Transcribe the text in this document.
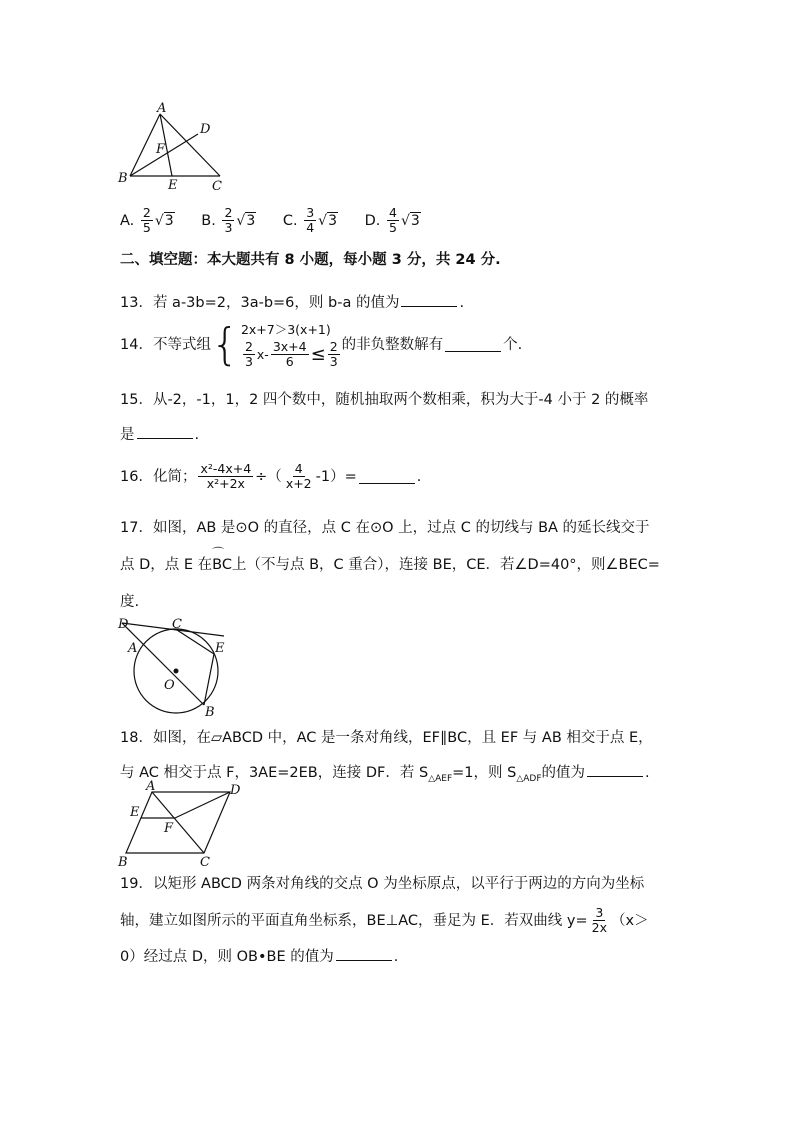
A
B
C
D
E
F
A.
$\frac{2}{5} √3$
B.
$\frac{2}{3} √3$
C.
$\frac{3}{4} √3$
D.
$\frac{4}{5} √3$
二、填空题：本大题共有 8 小题，每小题 3 分，共 24 分.
13．若 a-3b=2，3a-b=6，则 b-a 的值为	.
14．不等式组 { 2x+7＞3(x+1)
$\frac{2}{3} x- \frac{3x+4}{6} \le \frac{2}{3}$ 的非负整数解有	个.
15．从-2，-1，1，2 四个数中，随机抽取两个数相乘，积为大于-4 小于 2 的概率
是	.
16．化简； $\frac{\text{x²-4x+4}}{\text{x²+2x}}$ ÷（ $\frac{4}{x+2} -1)=$	.
17．如图，AB 是⊙O 的直径，点 C 在⊙O 上，过点 C 的切线与 BA 的延长线交于
点 D，点 E 在⌒ BC上（不与点 B，C 重合），连接 BE，CE．若∠D=40°，则∠BEC=
度.
D	C
A	E
O
B
18．如图，在▱ABCD 中，AC 是一条对角线，EF∥BC，且 EF 与 AB 相交于点 E，
与 AC 相交于点 F，3AE=2EB，连接 DF．若 $S_{\triangle AEF}=1$，则 $S_{\triangle ADF}$的值为	.
A	D
E
F
B	C
19．以矩形 ABCD 两条对角线的交点 O 为坐标原点，以平行于两边的方向为坐标
轴，建立如图所示的平面直角坐标系，BE⊥AC，垂足为 E．若双曲线 $y= \frac{3}{2x} (x>$
0）经过点 D，则 OB•BE 的值为	.
